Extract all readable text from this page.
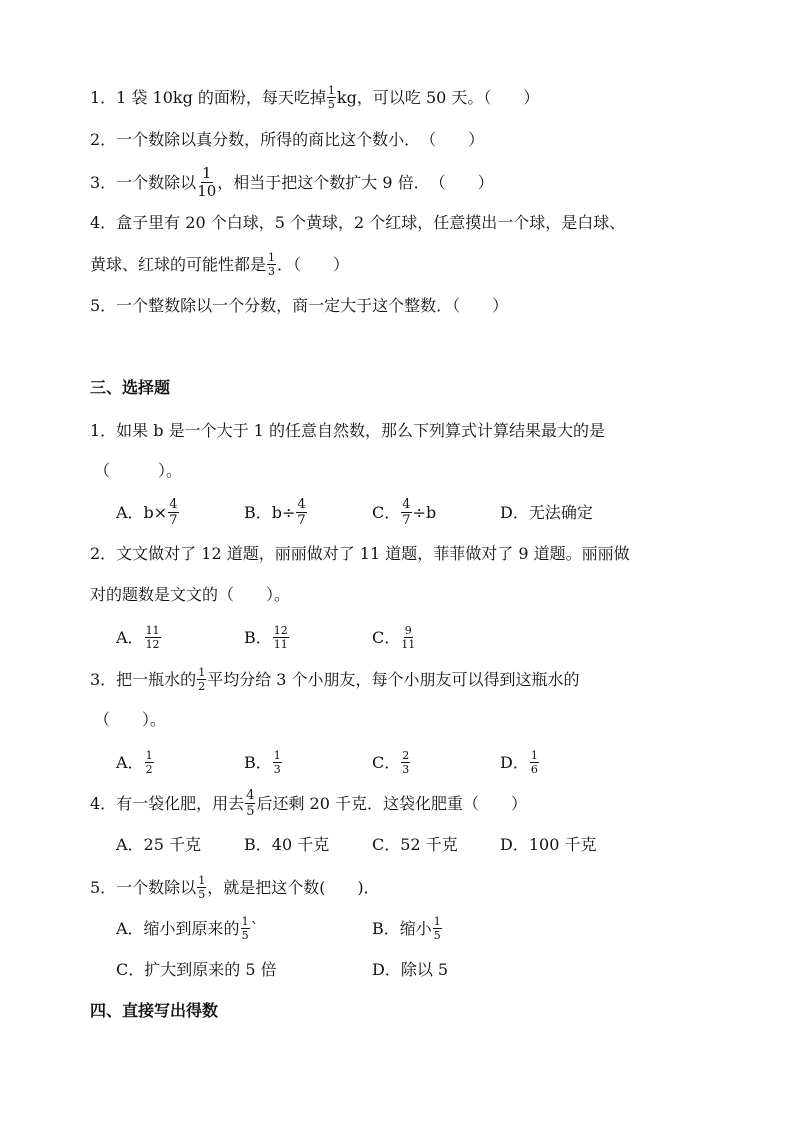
1．1 袋 10kg 的面粉，每天吃掉 $\frac{1}{5}$ kg，可以吃 50 天。（　　）
2．一个数除以真分数，所得的商比这个数小．　（　　）
3．一个数除以 $\frac{1}{10}$ ，相当于把这个数扩大 9 倍．　（　　）
4．盒子里有 20 个白球，5 个黄球，2 个红球，任意摸出一个球，是白球、
黄球、红球的可能性都是 $\frac{1}{3}$ ．（　　）
5．一个整数除以一个分数，商一定大于这个整数．（　　）
三、选择题
1．如果 b 是一个大于 1 的任意自然数，那么下列算式计算结果最大的是
（　　　）。
A．$b\times \frac{4}{7}$	B．$b\div \frac{4}{7}$	C． $\frac{4}{7} \div b$	D．无法确定
2．文文做对了 12 道题，丽丽做对了 11 道题，菲菲做对了 9 道题。丽丽做
对的题数是文文的（　　）。
A． $\frac{11}{12}$	B． $\frac{12}{11}$	C． $\frac{9}{11}$
3．把一瓶水的 $\frac{1}{2}$ 平均分给 3 个小朋友，每个小朋友可以得到这瓶水的
（　　）。
A． $\frac{1}{2}$	B． $\frac{1}{3}$	C． $\frac{2}{3}$	D． $\frac{1}{6}$
4．有一袋化肥，用去 $\frac{4}{5}$ 后还剩 20 千克．这袋化肥重（　　）
A．25 千克	B．40 千克	C．52 千克	D．100 千克
5．一个数除以 $\frac{1}{5}$ ，就是把这个数(　　)．
A．缩小到原来的 $\frac{1}{5}$ `	B．缩小 $\frac{1}{5}$
C．扩大到原来的 5 倍	D．除以 5
四、直接写出得数
